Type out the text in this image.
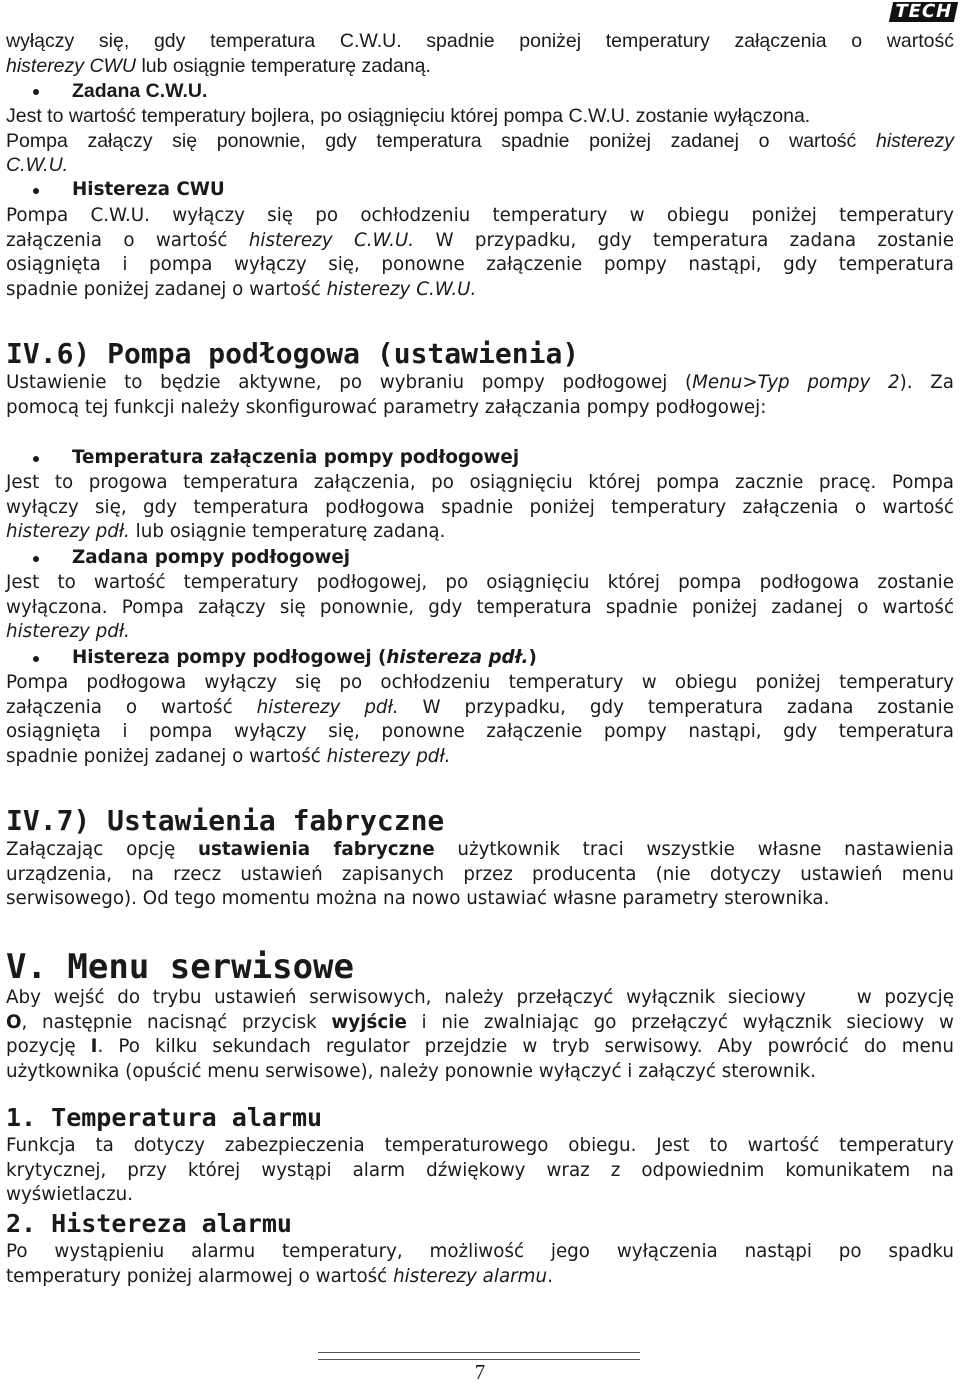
TECH
wyłączy się, gdy temperatura C.W.U. spadnie poniżej temperatury załączenia o wartość
histerezy CWU lub osiągnie temperaturę zadaną.
Zadana C.W.U.
Jest to wartość temperatury bojlera, po osiągnięciu której pompa C.W.U. zostanie wyłączona.
Pompa załączy się ponownie, gdy temperatura spadnie poniżej zadanej o wartość histerezy
C.W.U.
Histereza CWU
Pompa C.W.U. wyłączy się po ochłodzeniu temperatury w obiegu poniżej temperatury
załączenia o wartość histerezy C.W.U. W przypadku, gdy temperatura zadana zostanie
osiągnięta i pompa wyłączy się, ponowne załączenie pompy nastąpi, gdy temperatura
spadnie poniżej zadanej o wartość histerezy C.W.U.
IV.6) Pompa podłogowa (ustawienia)
Ustawienie to będzie aktywne, po wybraniu pompy podłogowej (Menu>Typ pompy 2). Za
pomocą tej funkcji należy skonfigurować parametry załączania pompy podłogowej:
Temperatura załączenia pompy podłogowej
Jest to progowa temperatura załączenia, po osiągnięciu której pompa zacznie pracę. Pompa
wyłączy się, gdy temperatura podłogowa spadnie poniżej temperatury załączenia o wartość
histerezy pdł. lub osiągnie temperaturę zadaną.
Zadana pompy podłogowej
Jest to wartość temperatury podłogowej, po osiągnięciu której pompa podłogowa zostanie
wyłączona. Pompa załączy się ponownie, gdy temperatura spadnie poniżej zadanej o wartość
histerezy pdł.
Histereza pompy podłogowej (histereza pdł.)
Pompa podłogowa wyłączy się po ochłodzeniu temperatury w obiegu poniżej temperatury
załączenia o wartość histerezy pdł. W przypadku, gdy temperatura zadana zostanie
osiągnięta i pompa wyłączy się, ponowne załączenie pompy nastąpi, gdy temperatura
spadnie poniżej zadanej o wartość histerezy pdł.
IV.7) Ustawienia fabryczne
Załączając opcję ustawienia fabryczne użytkownik traci wszystkie własne nastawienia
urządzenia, na rzecz ustawień zapisanych przez producenta (nie dotyczy ustawień menu
serwisowego). Od tego momentu można na nowo ustawiać własne parametry sterownika.
V. Menu serwisowe
Aby wejść do trybu ustawień serwisowych, należy przełączyć wyłącznik sieciowy    w pozycję
O, następnie nacisnąć przycisk wyjście i nie zwalniając go przełączyć wyłącznik sieciowy w
pozycję I. Po kilku sekundach regulator przejdzie w tryb serwisowy. Aby powrócić do menu
użytkownika (opuścić menu serwisowe), należy ponownie wyłączyć i załączyć sterownik.
1. Temperatura alarmu
Funkcja ta dotyczy zabezpieczenia temperaturowego obiegu. Jest to wartość temperatury
krytycznej, przy której wystąpi alarm dźwiękowy wraz z odpowiednim komunikatem na
wyświetlaczu.
2. Histereza alarmu
Po wystąpieniu alarmu temperatury, możliwość jego wyłączenia nastąpi po spadku
temperatury poniżej alarmowej o wartość histerezy alarmu.
7
